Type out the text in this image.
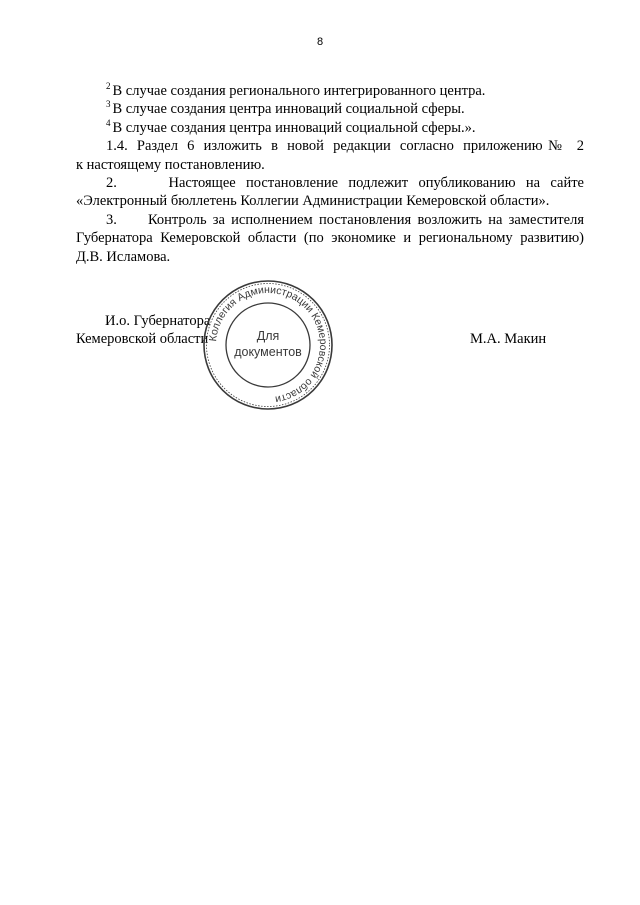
8
$^2$ В случае создания регионального интегрированного центра.
$^3$ В случае создания центра инноваций социальной сферы.
$^4$ В случае создания центра инноваций социальной сферы.».
1.4. Раздел 6 изложить в новой редакции согласно приложению№ 2
к настоящему постановлению.
2.     Настоящее постановление подлежит опубликованию на сайте
«Электронный бюллетень Коллегии Администрации Кемеровской области».
3.     Контроль за исполнением постановления возложить на заместителя
Губернатора Кемеровской области (по экономике и региональному развитию)
Д.В. Исламова.
И.о. Губернатора
Кемеровской области	М.А. Макин
Коллегия Администрации Кемеровской области
Для
документов
